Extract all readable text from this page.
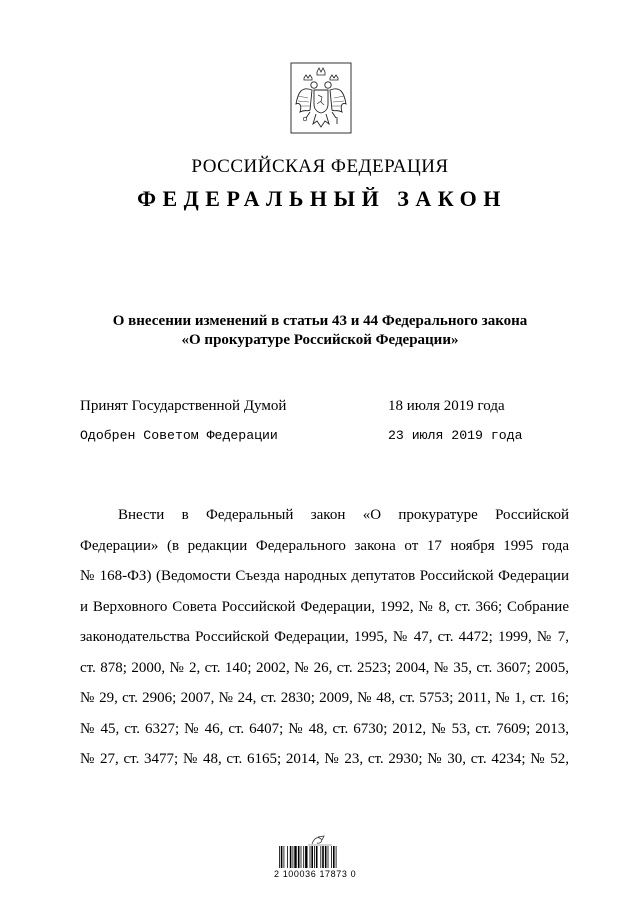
РОССИЙСКАЯ ФЕДЕРАЦИЯ
ФЕДЕРАЛЬНЫЙ ЗАКОН
О внесении изменений в статьи 43 и 44 Федерального закона
«О прокуратуре Российской Федерации»
Принят Государственной Думой	18 июля 2019 года
Одобрен Советом Федерации	23 июля 2019 года
Внести в Федеральный закон «О прокуратуре Российской
Федерации» (в редакции Федерального закона от 17 ноября 1995 года
№ 168-ФЗ) (Ведомости Съезда народных депутатов Российской Федерации
и Верховного Совета Российской Федерации, 1992, № 8, ст. 366; Собрание
законодательства Российской Федерации, 1995, № 47, ст. 4472; 1999, № 7,
ст. 878; 2000, № 2, ст. 140; 2002, № 26, ст. 2523; 2004, № 35, ст. 3607; 2005,
№ 29, ст. 2906; 2007, № 24, ст. 2830; 2009, № 48, ст. 5753; 2011, № 1, ст. 16;
№ 45, ст. 6327; № 46, ст. 6407; № 48, ст. 6730; 2012, № 53, ст. 7609; 2013,
№ 27, ст. 3477; № 48, ст. 6165; 2014, № 23, ст. 2930; № 30, ст. 4234; № 52,
2 100036 17873 0
